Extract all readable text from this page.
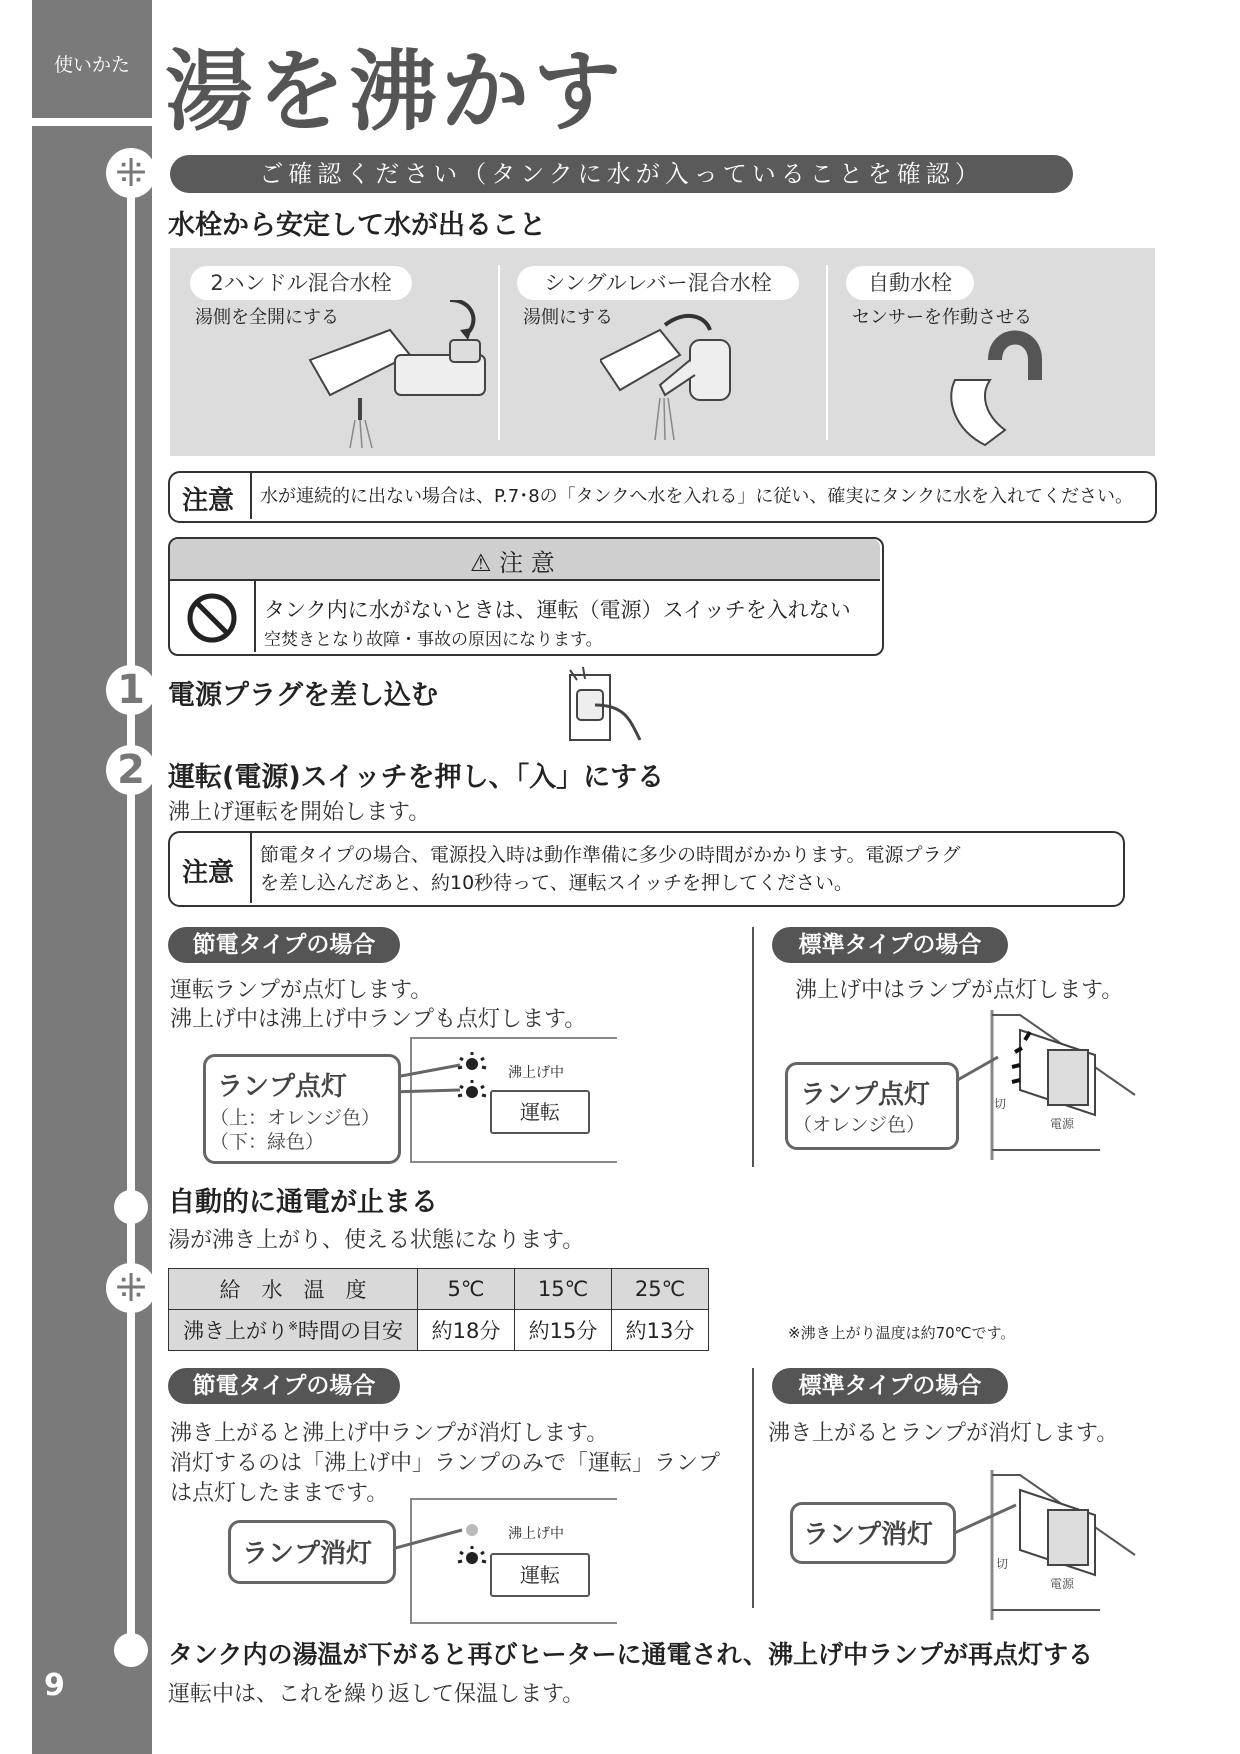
使いかた 湯を沸かす
⁜
1
2
⁜
9
ご確認ください（タンクに水が入っていることを確認）
水栓から安定して水が出ること
2ハンドル混合水栓
湯側を全開にする
シングルレバー混合水栓
湯側にする
自動水栓
センサーを作動させる
注意 水が連続的に出ない場合は、P.7･8の「タンクへ水を入れる」に従い、確実にタンクに水を入れてください。
⚠ 注 意
タンク内に水がないときは、運転（電源）スイッチを入れない
空焚きとなり故障・事故の原因になります。
電源プラグを差し込む
運転(電源)スイッチを押し、「入」にする
沸上げ運転を開始します。
注意
節電タイプの場合、電源投入時は動作準備に多少の時間がかかります。電源プラグ
を差し込んだあと、約10秒待って、運転スイッチを押してください。
節電タイプの場合
運転ランプが点灯します。
沸上げ中は沸上げ中ランプも点灯します。
沸上げ中
運転
ランプ点灯
（上：オレンジ色）
（下：緑色）
標準タイプの場合
沸上げ中はランプが点灯します。
切
電源
ランプ点灯
（オレンジ色）
自動的に通電が止まる
湯が沸き上がり、使える状態になります。
給　水　温　度	5℃	15℃	25℃
沸き上がり※時間の目安	約18分	約15分	約13分	※沸き上がり温度は約70℃です。
節電タイプの場合
沸き上がると沸上げ中ランプが消灯します。
消灯するのは「沸上げ中」ランプのみで「運転」ランプ
は点灯したままです。
沸上げ中
運転
ランプ消灯
標準タイプの場合
沸き上がるとランプが消灯します。
切
電源
ランプ消灯
タンク内の湯温が下がると再びヒーターに通電され、沸上げ中ランプが再点灯する
運転中は、これを繰り返して保温します。
